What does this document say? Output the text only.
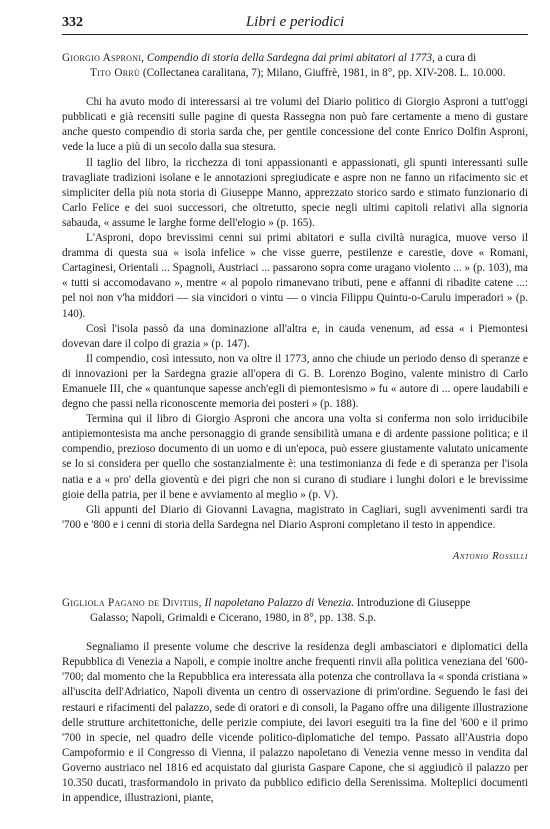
332	Libri e periodici
Giorgio Asproni, Compendio di storia della Sardegna dai primi abitatori al 1773, a cura di
Tito Orrù (Collectanea caralitana, 7); Milano, Giuffrè, 1981, in 8°, pp. XIV-208. L. 10.000.

Chi ha avuto modo di interessarsi ai tre volumi del Diario politico di Giorgio Asproni a tutt'oggi pubblicati e già recensiti sulle pagine di questa Rassegna non può fare certamente a meno di gustare anche questo compendio di storia sarda che, per gentile concessione del conte Enrico Dolfin Asproni, vede la luce a più di un secolo dalla sua stesura.

Il taglio del libro, la ricchezza di toni appassionanti e appassionati, gli spunti interessanti sulle travagliate tradizioni isolane e le annotazioni spregiudicate e aspre non ne fanno un rifacimento sic et simpliciter della più nota storia di Giuseppe Manno, apprezzato storico sardo e stimato funzionario di Carlo Felice e dei suoi successori, che oltretutto, specie negli ultimi capitoli relativi alla signoria sabauda, « assume le larghe forme dell'elogio » (p. 165).

L'Asproni, dopo brevissimi cenni sui primi abitatori e sulla civiltà nuragica, muove verso il dramma di questa sua « isola infelice » che visse guerre, pestilenze e carestie, dove « Romani, Cartaginesi, Orientali ... Spagnoli, Austriaci ... passarono sopra come uragano violento ... » (p. 103), ma « tutti si accomodavano », mentre « al popolo rimanevano tributi, pene e affanni di ribadite catene ...: pel noi non v'ha middori — sia vincidori o vintu — o vincia Filippu Quintu-o-Carulu imperadori » (p. 140).

Così l'isola passò da una dominazione all'altra e, in cauda venenum, ad essa « i Piemontesi dovevan dare il colpo di grazia » (p. 147).

Il compendio, così intessuto, non va oltre il 1773, anno che chiude un periodo denso di speranze e di innovazioni per la Sardegna grazie all'opera di G. B. Lorenzo Bogino, valente ministro di Carlo Emanuele III, che « quantunque sapesse anch'egli di piemontesismo » fu « autore di ... opere laudabili e degno che passi nella riconoscente memoria dei posteri » (p. 188).

Termina qui il libro di Giorgio Asproni che ancora una volta si conferma non solo irriducibile antipiemontesista ma anche personaggio di grande sensibilità umana e di ardente passione politica; e il compendio, prezioso documento di un uomo e di un'epoca, può essere giustamente valutato unicamente se lo si considera per quello che sostanzialmente è: una testimonianza di fede e di speranza per l'isola natia e a « pro' della gioventù e dei pigri che non si curano di studiare i lunghi dolori e le brevissime gioie della patria, per il bene e avviamento al meglio » (p. V).

Gli appunti del Diario di Giovanni Lavagna, magistrato in Cagliari, sugli avvenimenti sardi tra '700 e '800 e i cenni di storia della Sardegna nel Diario Asproni completano il testo in appendice.

Antonio Rossilli
Gigliola Pagano de Divitiis, Il napoletano Palazzo di Venezia. Introduzione di Giuseppe
Galasso; Napoli, Grimaldi e Cicerano, 1980, in 8°, pp. 138. S.p.

Segnaliamo il presente volume che descrive la residenza degli ambasciatori e diplomatici della Repubblica di Venezia a Napoli, e compie inoltre anche frequenti rinvii alla politica veneziana del '600-'700; dal momento che la Repubblica era interessata alla potenza che controllava la « sponda cristiana » all'uscita dell'Adriatico, Napoli diventa un centro di osservazione di prim'ordine. Seguendo le fasi dei restauri e rifacimenti del palazzo, sede di oratori e di consoli, la Pagano offre una diligente illustrazione delle strutture architettoniche, delle perizie compiute, dei lavori eseguiti tra la fine del '600 e il primo '700 in specie, nel quadro delle vicende politico-diplomatiche del tempo. Passato all'Austria dopo Campoformio e il Congresso di Vienna, il palazzo napoletano di Venezia venne messo in vendita dal Governo austriaco nel 1816 ed acquistato dal giurista Gaspare Capone, che si aggiudicò il palazzo per 10.350 ducati, trasformandolo in privato da pubblico edificio della Serenissima. Molteplici documenti in appendice, illustrazioni, piante,
